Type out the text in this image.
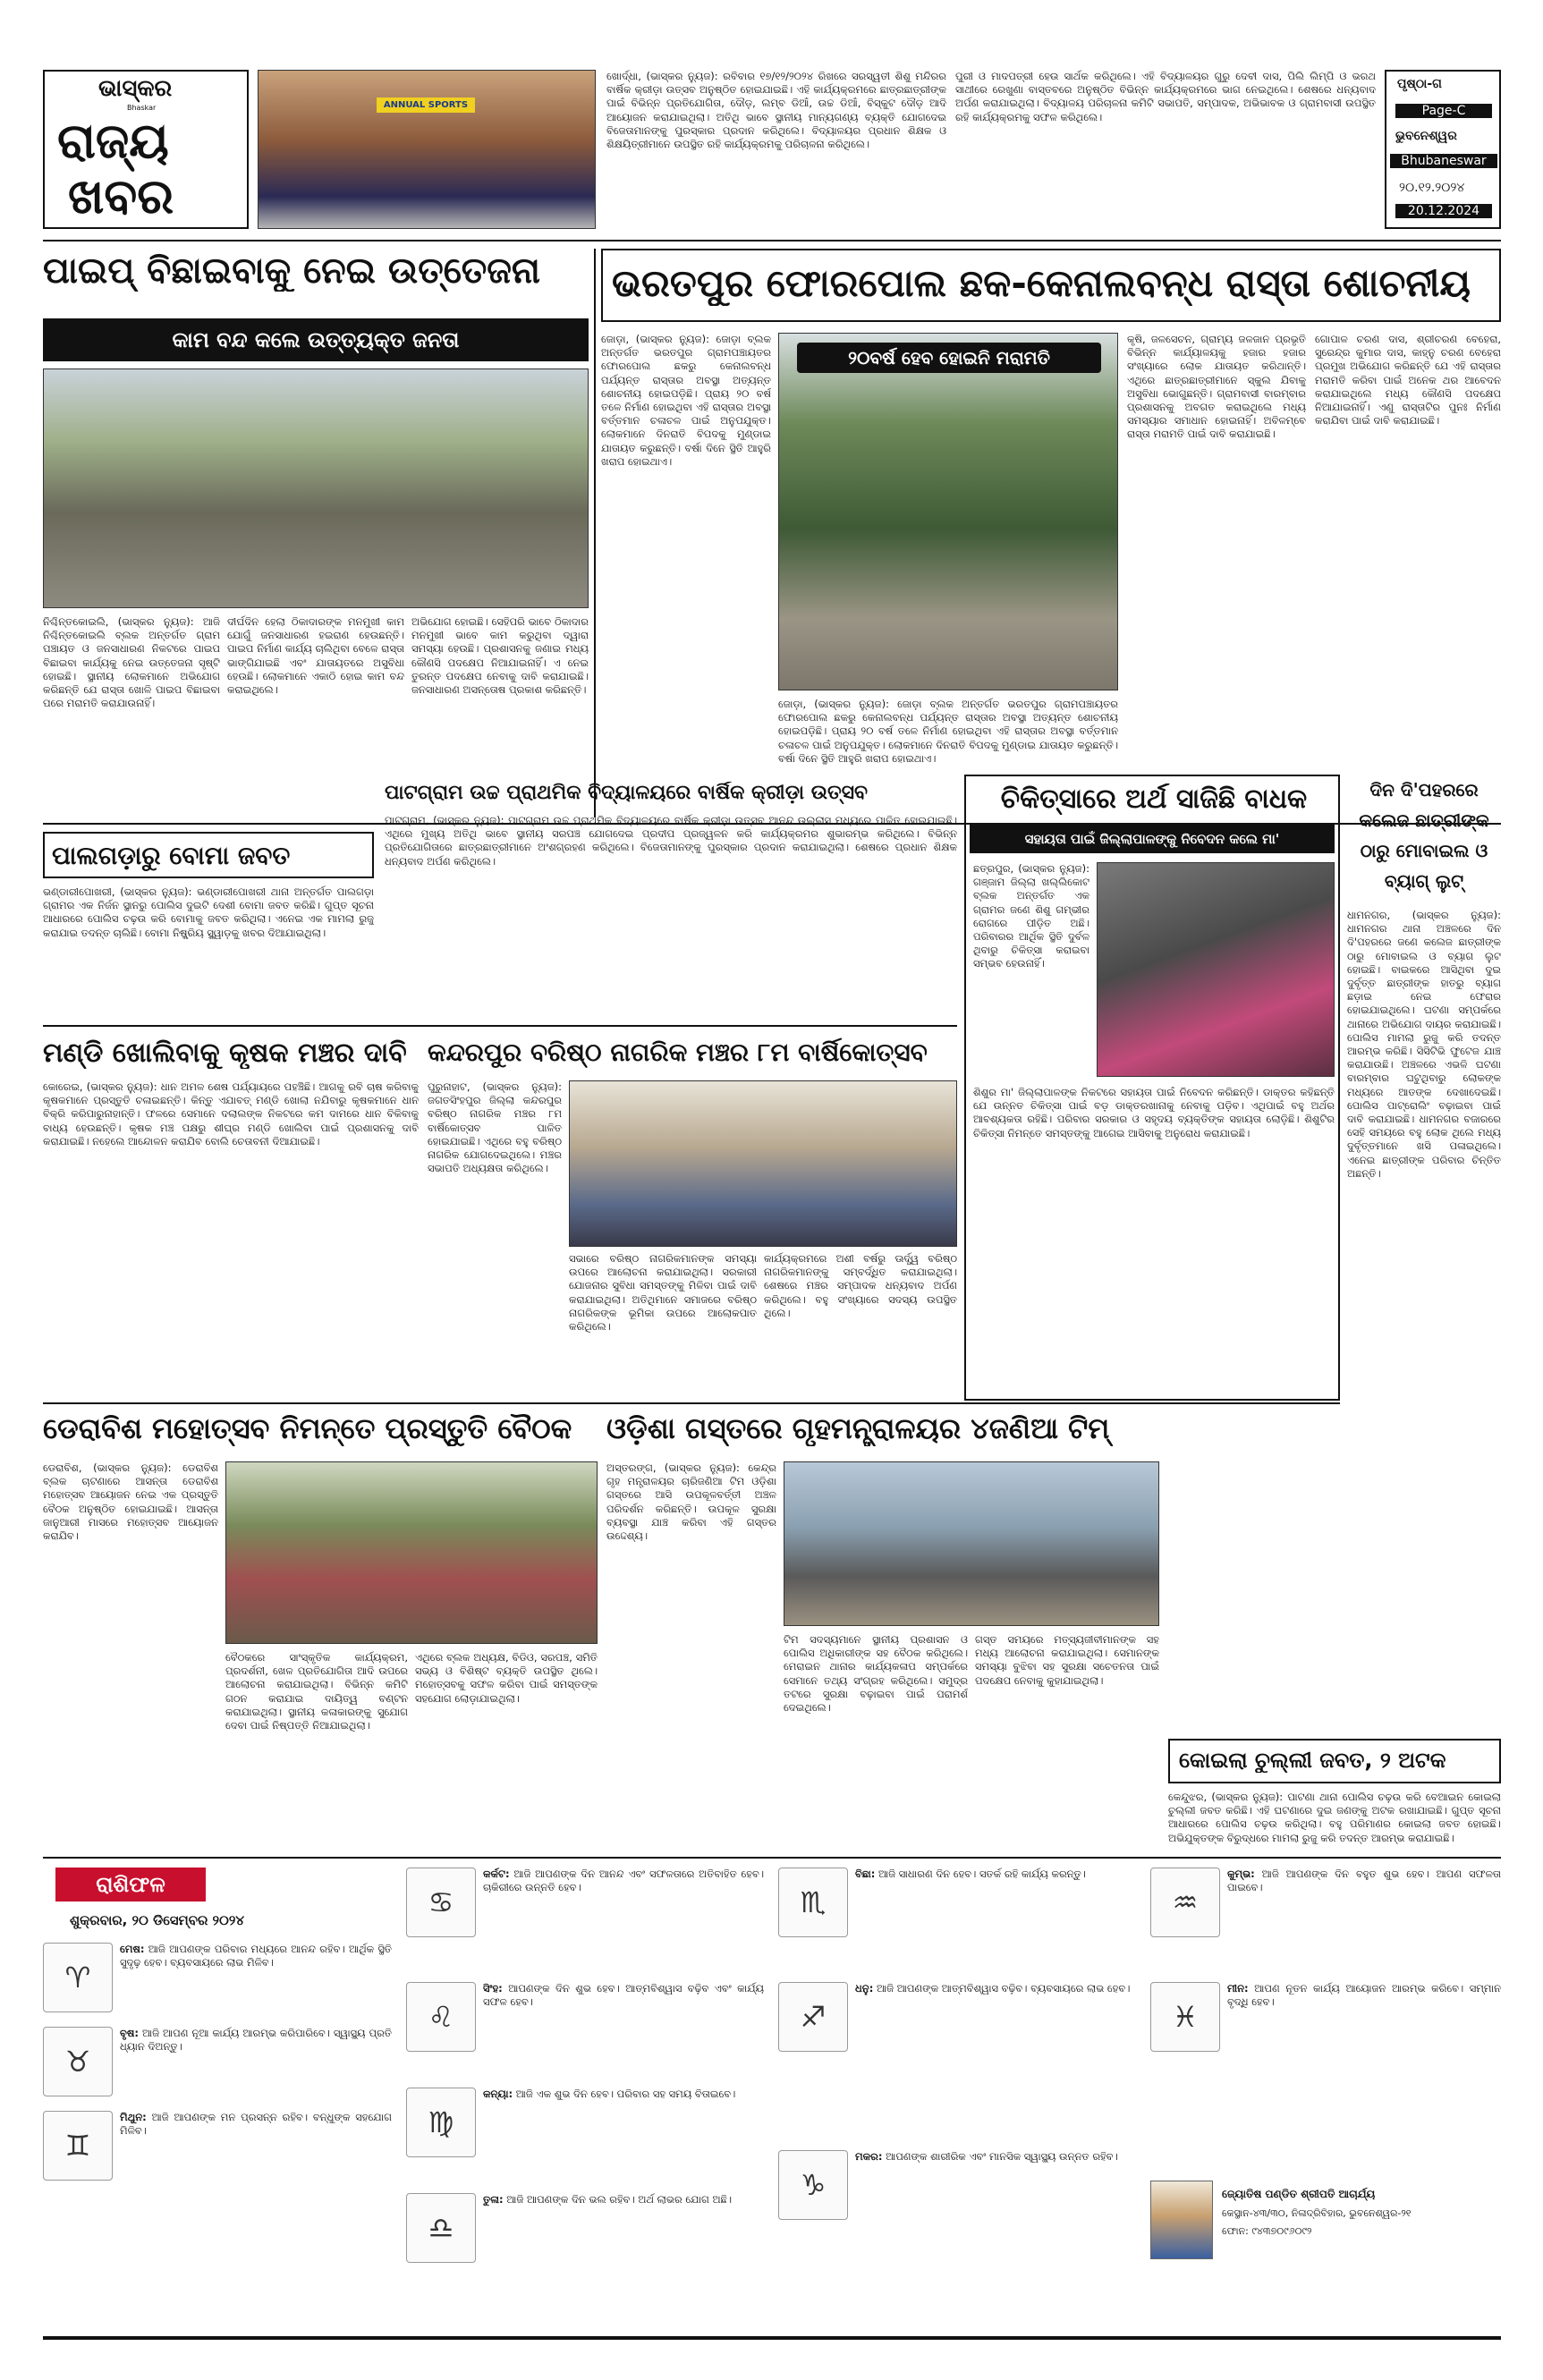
ଭାସ୍କର
Bhaskar
ରାଜ୍ୟ
ଖବର
ANNUAL SPORTS
ଖୋର୍ଦ୍ଧା, (ଭାସ୍କର ନ୍ୟୁଜ): ରବିବାର ୧୭/୧୨/୨୦୨୪ ରିଖରେ ସରସ୍ୱତୀ ଶିଶୁ ମନ୍ଦିରର ବାର୍ଷିକ କ୍ରୀଡ଼ା ଉତ୍ସବ ଅନୁଷ୍ଠିତ ହୋଇଯାଇଛି। ଏହି କାର୍ଯ୍ୟକ୍ରମରେ ଛାତ୍ରଛାତ୍ରୀଙ୍କ ପାଇଁ ବିଭିନ୍ନ ପ୍ରତିଯୋଗିତା, ଦୌଡ଼, ଲମ୍ବ ଡିଆଁ, ଉଚ୍ଚ ଡିଆଁ, ବିସ୍କୁଟ ଦୌଡ଼ ଆଦି ଆୟୋଜନ କରାଯାଇଥିଲା। ଅତିଥି ଭାବେ ସ୍ଥାନୀୟ ମାନ୍ୟଗଣ୍ୟ ବ୍ୟକ୍ତି ଯୋଗଦେଇ ବିଜେତାମାନଙ୍କୁ ପୁରସ୍କାର ପ୍ରଦାନ କରିଥିଲେ। ବିଦ୍ୟାଳୟର ପ୍ରଧାନ ଶିକ୍ଷକ ଓ ଶିକ୍ଷୟିତ୍ରୀମାନେ ଉପସ୍ଥିତ ରହି କାର୍ଯ୍ୟକ୍ରମକୁ ପରିଚାଳନା କରିଥିଲେ।
ପୁରୀ ଓ ମାଦପତ୍ରୀ ହେଉ ସାର୍ଥକ କରିଥିଲେ। ଏହି ବିଦ୍ୟାଳୟର ଗୁରୁ ଦେବୀ ଦାସ, ପିଲି ଲିମ୍ପି ଓ ଭରଥ ସାଥୀରେ ରେଖୁଣା ବାସ୍ତବରେ ଅନୁଷ୍ଠିତ ବିଭିନ୍ନ କାର୍ଯ୍ୟକ୍ରମରେ ଭାଗ ନେଇଥିଲେ। ଶେଷରେ ଧନ୍ୟବାଦ ଅର୍ପଣ କରାଯାଇଥିଲା। ବିଦ୍ୟାଳୟ ପରିଚାଳନା କମିଟି ସଭାପତି, ସମ୍ପାଦକ, ଅଭିଭାବକ ଓ ଗ୍ରାମବାସୀ ଉପସ୍ଥିତ ରହି କାର୍ଯ୍ୟକ୍ରମକୁ ସଫଳ କରିଥିଲେ।
ପୃଷ୍ଠା-ଗ
Page-C
ଭୁବନେଶ୍ୱର
Bhubaneswar
୨୦.୧୨.୨୦୨୪
20.12.2024
ପାଇପ୍ ବିଛାଇବାକୁ ନେଇ ଉତ୍ତେଜନା
କାମ ବନ୍ଦ କଲେ ଉତ୍ତ୍ୟକ୍ତ ଜନତା
ନିଶ୍ଚିନ୍ତକୋଇଲି, (ଭାସ୍କର ନ୍ୟୁଜ): ଆଜି ନିଶ୍ଚିନ୍ତକୋଇଲି ବ୍ଲକ ଅନ୍ତର୍ଗତ ଗ୍ରାମ ପଞ୍ଚାୟତ ଓ ଜନସାଧାରଣ ନିକଟରେ ପାଇପ ବିଛାଇବା କାର୍ଯ୍ୟକୁ ନେଇ ଉତ୍ତେଜନା ସୃଷ୍ଟି ହୋଇଛି। ସ୍ଥାନୀୟ ଲୋକମାନେ ଅଭିଯୋଗ କରିଛନ୍ତି ଯେ ରାସ୍ତା ଖୋଳି ପାଇପ ବିଛାଇବା ପରେ ମରାମତି କରାଯାଉନାହିଁ।
ଦୀର୍ଘଦିନ ହେଲା ଠିକାଦାରଙ୍କ ମନମୁଖୀ କାମ ଯୋଗୁଁ ଜନସାଧାରଣ ହଇରାଣ ହେଉଛନ୍ତି। ପାଇପ ନିର୍ମାଣ କାର୍ଯ୍ୟ ଚାଲିଥିବା ବେଳେ ରାସ୍ତା ଭାଙ୍ଗିଯାଇଛି ଏବଂ ଯାତାୟତରେ ଅସୁବିଧା ହେଉଛି। ଲୋକମାନେ ଏକାଠି ହୋଇ କାମ ବନ୍ଦ କରାଇଥିଲେ।
ଅଭିଯୋଗ ହୋଇଛି। ସେହିପରି ଭାବେ ଠିକାଦାର ମନମୁଖୀ ଭାବେ କାମ କରୁଥିବା ଦ୍ୱାରା ସମସ୍ୟା ହେଉଛି। ପ୍ରଶାସନକୁ ଜଣାଇ ମଧ୍ୟ କୌଣସି ପଦକ୍ଷେପ ନିଆଯାଇନାହିଁ। ଏ ନେଇ ତୁରନ୍ତ ପଦକ୍ଷେପ ନେବାକୁ ଦାବି କରାଯାଇଛି। ଜନସାଧାରଣ ଅସନ୍ତୋଷ ପ୍ରକାଶ କରିଛନ୍ତି।
ଭରତପୁର ଫୋରପୋଲ ଛକ-କେନାଲବନ୍ଧ ରାସ୍ତା ଶୋଚନୀୟ
ଜୋଡ଼ା, (ଭାସ୍କର ନ୍ୟୁଜ): ଜୋଡ଼ା ବ୍ଲକ ଅନ୍ତର୍ଗତ ଭରତପୁର ଗ୍ରାମପଞ୍ଚାୟତର ଫୋରପୋଲ ଛକରୁ କେନାଲବନ୍ଧ ପର୍ଯ୍ୟନ୍ତ ରାସ୍ତାର ଅବସ୍ଥା ଅତ୍ୟନ୍ତ ଶୋଚନୀୟ ହୋଇପଡ଼ିଛି। ପ୍ରାୟ ୨୦ ବର୍ଷ ତଳେ ନିର୍ମାଣ ହୋଇଥିବା ଏହି ରାସ୍ତାର ଅବସ୍ଥା ବର୍ତ୍ତମାନ ଚଳାଚଳ ପାଇଁ ଅନୁପଯୁକ୍ତ। ଲୋକମାନେ ଦିନରାତି ବିପଦକୁ ମୁଣ୍ଡାଇ ଯାତାୟତ କରୁଛନ୍ତି। ବର୍ଷା ଦିନେ ସ୍ଥିତି ଆହୁରି ଖରାପ ହୋଇଥାଏ।
୨୦ବର୍ଷ ହେବ ହୋଇନି ମରାମତି
କୃଷି, ଜଳସେଚନ, ଗ୍ରାମ୍ୟ ଜଳଜାନ ପ୍ରଭୃତି ବିଭିନ୍ନ କାର୍ଯ୍ୟାଳୟକୁ ହଜାର ହଜାର ସଂଖ୍ୟାରେ ଲୋକ ଯାତାୟତ କରିଥାନ୍ତି। ଏଥିରେ ଛାତ୍ରଛାତ୍ରୀମାନେ ସ୍କୁଲ ଯିବାକୁ ଅସୁବିଧା ଭୋଗୁଛନ୍ତି। ଗ୍ରାମବାସୀ ବାରମ୍ବାର ପ୍ରଶାସନକୁ ଅବଗତ କରାଇଥିଲେ ମଧ୍ୟ ସମସ୍ୟାର ସମାଧାନ ହୋଇନାହିଁ। ଅବିଳମ୍ବେ ରାସ୍ତା ମରାମତି ପାଇଁ ଦାବି କରାଯାଇଛି।
ଗୋପାଳ ଚରଣ ଦାସ, ଶ୍ରୀଚରଣ ବେହେରା, ସୁରେନ୍ଦ୍ର କୁମାର ଦାସ, କାହ୍ନୁ ଚରଣ ବେହେରା ପ୍ରମୁଖ ଅଭିଯୋଗ କରିଛନ୍ତି ଯେ ଏହି ରାସ୍ତାର ମରାମତି କରିବା ପାଇଁ ଅନେକ ଥର ଆବେଦନ କରାଯାଇଥିଲେ ମଧ୍ୟ କୌଣସି ପଦକ୍ଷେପ ନିଆଯାଇନାହିଁ। ଏଣୁ ରାସ୍ତାଟିର ପୁନଃ ନିର୍ମାଣ କରାଯିବା ପାଇଁ ଦାବି କରାଯାଇଛି।
ଜୋଡ଼ା, (ଭାସ୍କର ନ୍ୟୁଜ): ଜୋଡ଼ା ବ୍ଲକ ଅନ୍ତର୍ଗତ ଭରତପୁର ଗ୍ରାମପଞ୍ଚାୟତର ଫୋରପୋଲ ଛକରୁ କେନାଲବନ୍ଧ ପର୍ଯ୍ୟନ୍ତ ରାସ୍ତାର ଅବସ୍ଥା ଅତ୍ୟନ୍ତ ଶୋଚନୀୟ ହୋଇପଡ଼ିଛି। ପ୍ରାୟ ୨୦ ବର୍ଷ ତଳେ ନିର୍ମାଣ ହୋଇଥିବା ଏହି ରାସ୍ତାର ଅବସ୍ଥା ବର୍ତ୍ତମାନ ଚଳାଚଳ ପାଇଁ ଅନୁପଯୁକ୍ତ। ଲୋକମାନେ ଦିନରାତି ବିପଦକୁ ମୁଣ୍ଡାଇ ଯାତାୟତ କରୁଛନ୍ତି। ବର୍ଷା ଦିନେ ସ୍ଥିତି ଆହୁରି ଖରାପ ହୋଇଥାଏ।
ପାଲଗଡ଼ାରୁ ବୋମା ଜବତ
ଭଣ୍ଡାରୀପୋଖରୀ, (ଭାସ୍କର ନ୍ୟୁଜ): ଭଣ୍ଡାରୀପୋଖରୀ ଥାନା ଅନ୍ତର୍ଗତ ପାଲଗଡ଼ା ଗ୍ରାମର ଏକ ନିର୍ଜନ ସ୍ଥାନରୁ ପୋଲିସ ଦୁଇଟି ଦେଶୀ ବୋମା ଜବତ କରିଛି। ଗୁପ୍ତ ସୂଚନା ଆଧାରରେ ପୋଲିସ ଚଢ଼ଉ କରି ବୋମାକୁ ଜବତ କରିଥିଲା। ଏନେଇ ଏକ ମାମଲା ରୁଜୁ କରାଯାଇ ତଦନ୍ତ ଚାଲିଛି। ବୋମା ନିଷ୍କ୍ରିୟ ସ୍କ୍ୱାଡ଼କୁ ଖବର ଦିଆଯାଇଥିଲା।
ପାଟଗ୍ରାମ ଉଚ୍ଚ ପ୍ରାଥମିକ ବିଦ୍ୟାଳୟରେ ବାର୍ଷିକ କ୍ରୀଡ଼ା ଉତ୍ସବ
ପାଟଗ୍ରାମ, (ଭାସ୍କର ନ୍ୟୁଜ): ପାଟଗ୍ରାମ ଉଚ୍ଚ ପ୍ରାଥମିକ ବିଦ୍ୟାଳୟରେ ବାର୍ଷିକ କ୍ରୀଡ଼ା ଉତ୍ସବ ଆନନ୍ଦ ଉଲ୍ଲାସ ମଧ୍ୟରେ ପାଳିତ ହୋଇଯାଇଛି। ଏଥିରେ ମୁଖ୍ୟ ଅତିଥି ଭାବେ ସ୍ଥାନୀୟ ସରପଞ୍ଚ ଯୋଗଦେଇ ପ୍ରଦୀପ ପ୍ରଜ୍ୱଳନ କରି କାର୍ଯ୍ୟକ୍ରମର ଶୁଭାରମ୍ଭ କରିଥିଲେ। ବିଭିନ୍ନ ପ୍ରତିଯୋଗିତାରେ ଛାତ୍ରଛାତ୍ରୀମାନେ ଅଂଶଗ୍ରହଣ କରିଥିଲେ। ବିଜେତାମାନଙ୍କୁ ପୁରସ୍କାର ପ୍ରଦାନ କରାଯାଇଥିଲା। ଶେଷରେ ପ୍ରଧାନ ଶିକ୍ଷକ ଧନ୍ୟବାଦ ଅର୍ପଣ କରିଥିଲେ।
ଚିକିତ୍ସାରେ ଅର୍ଥ ସାଜିଛି ବାଧକ
ସହାୟତା ପାଇଁ ଜିଲ୍ଲାପାଳଙ୍କୁ ନିବେଦନ କଲେ ମା'
ଛତ୍ରପୁର, (ଭାସ୍କର ନ୍ୟୁଜ): ଗଞ୍ଜାମ ଜିଲ୍ଲା ଖଲ୍ଲିକୋଟ ବ୍ଲକ ଅନ୍ତର୍ଗତ ଏକ ଗ୍ରାମର ଜଣେ ଶିଶୁ ଗମ୍ଭୀର ରୋଗରେ ପୀଡ଼ିତ ଅଛି। ପରିବାରର ଆର୍ଥିକ ସ୍ଥିତି ଦୁର୍ବଳ ଥିବାରୁ ଚିକିତ୍ସା କରାଇବା ସମ୍ଭବ ହେଉନାହିଁ।
ଶିଶୁର ମା' ଜିଲ୍ଲାପାଳଙ୍କ ନିକଟରେ ସହାୟତା ପାଇଁ ନିବେଦନ କରିଛନ୍ତି। ଡାକ୍ତର କହିଛନ୍ତି ଯେ ଉନ୍ନତ ଚିକିତ୍ସା ପାଇଁ ବଡ଼ ଡାକ୍ତରଖାନାକୁ ନେବାକୁ ପଡ଼ିବ। ଏଥିପାଇଁ ବହୁ ଅର୍ଥର ଆବଶ୍ୟକତା ରହିଛି। ପରିବାର ସରକାର ଓ ସହୃଦୟ ବ୍ୟକ୍ତିଙ୍କ ସହାୟତା ଲୋଡ଼ିଛି। ଶିଶୁଟିର ଚିକିତ୍ସା ନିମନ୍ତେ ସମସ୍ତଙ୍କୁ ଆଗେଇ ଆସିବାକୁ ଅନୁରୋଧ କରାଯାଇଛି।
ଦିନ ଦି'ପହରରେ କଲେଜ ଛାତ୍ରୀଙ୍କ ଠାରୁ ମୋବାଇଲ ଓ ବ୍ୟାଗ୍ ଲୁଟ୍
ଧାମନଗର, (ଭାସ୍କର ନ୍ୟୁଜ): ଧାମନଗର ଥାନା ଅଞ୍ଚଳରେ ଦିନ ଦି'ପହରରେ ଜଣେ କଲେଜ ଛାତ୍ରୀଙ୍କ ଠାରୁ ମୋବାଇଲ ଓ ବ୍ୟାଗ ଲୁଟ ହୋଇଛି। ବାଇକରେ ଆସିଥିବା ଦୁଇ ଦୁର୍ବୃତ୍ତ ଛାତ୍ରୀଙ୍କ ହାତରୁ ବ୍ୟାଗ ଛଡ଼ାଇ ନେଇ ଫେରାର ହୋଇଯାଇଥିଲେ। ଘଟଣା ସମ୍ପର୍କରେ ଥାନାରେ ଅଭିଯୋଗ ଦାୟର କରାଯାଇଛି। ପୋଲିସ ମାମଲା ରୁଜୁ କରି ତଦନ୍ତ ଆରମ୍ଭ କରିଛି। ସିସିଟିଭି ଫୁଟେଜ ଯାଞ୍ଚ କରାଯାଉଛି। ଅଞ୍ଚଳରେ ଏଭଳି ଘଟଣା ବାରମ୍ବାର ଘଟୁଥିବାରୁ ଲୋକଙ୍କ ମଧ୍ୟରେ ଆତଙ୍କ ଦେଖାଦେଇଛି। ପୋଲିସ ପାଟ୍ରୋଲିଂ ବଢ଼ାଇବା ପାଇଁ ଦାବି କରାଯାଇଛି। ଧାମନଗର ବଜାରରେ ସେହି ସମୟରେ ବହୁ ଲୋକ ଥିଲେ ମଧ୍ୟ ଦୁର୍ବୃତ୍ତମାନେ ଖସି ପଳାଇଥିଲେ। ଏନେଇ ଛାତ୍ରୀଙ୍କ ପରିବାର ଚିନ୍ତିତ ଅଛନ୍ତି।
ମଣ୍ଡି ଖୋଲିବାକୁ କୃଷକ ମଞ୍ଚର ଦାବି
କୋରେଇ, (ଭାସ୍କର ନ୍ୟୁଜ): ଧାନ ଅମଳ ଶେଷ ପର୍ଯ୍ୟାୟରେ ପହଞ୍ଚିଛି। ଆଗକୁ ରବି ଚାଷ କରିବାକୁ କୃଷକମାନେ ପ୍ରସ୍ତୁତି ଚଳାଇଛନ୍ତି। କିନ୍ତୁ ଏଯାବତ୍ ମଣ୍ଡି ଖୋଲା ନଯିବାରୁ କୃଷକମାନେ ଧାନ ବିକ୍ରି କରିପାରୁନାହାନ୍ତି। ଫଳରେ ସେମାନେ ଦଲାଲଙ୍କ ନିକଟରେ କମ ଦାମରେ ଧାନ ବିକିବାକୁ ବାଧ୍ୟ ହେଉଛନ୍ତି। କୃଷକ ମଞ୍ଚ ପକ୍ଷରୁ ଶୀଘ୍ର ମଣ୍ଡି ଖୋଲିବା ପାଇଁ ପ୍ରଶାସନକୁ ଦାବି କରାଯାଇଛି। ନହେଲେ ଆନ୍ଦୋଳନ କରାଯିବ ବୋଲି ଚେତାବନୀ ଦିଆଯାଇଛି।
କନ୍ଦରପୁର ବରିଷ୍ଠ ନାଗରିକ ମଞ୍ଚର ୮ମ ବାର୍ଷିକୋତ୍ସବ
ପୁରୁନାହାଟ, (ଭାସ୍କର ନ୍ୟୁଜ): ଜଗତସିଂହପୁର ଜିଲ୍ଲା କନ୍ଦରପୁର ବରିଷ୍ଠ ନାଗରିକ ମଞ୍ଚର ୮ମ ବାର୍ଷିକୋତ୍ସବ ପାଳିତ ହୋଇଯାଇଛି। ଏଥିରେ ବହୁ ବରିଷ୍ଠ ନାଗରିକ ଯୋଗଦେଇଥିଲେ। ମଞ୍ଚର ସଭାପତି ଅଧ୍ୟକ୍ଷତା କରିଥିଲେ।
ସଭାରେ ବରିଷ୍ଠ ନାଗରିକମାନଙ୍କ ସମସ୍ୟା ଉପରେ ଆଲୋଚନା କରାଯାଇଥିଲା। ସରକାରୀ ଯୋଜନାର ସୁବିଧା ସମସ୍ତଙ୍କୁ ମିଳିବା ପାଇଁ ଦାବି କରାଯାଇଥିଲା। ଅତିଥିମାନେ ସମାଜରେ ବରିଷ୍ଠ ନାଗରିକଙ୍କ ଭୂମିକା ଉପରେ ଆଲୋକପାତ କରିଥିଲେ।
କାର୍ଯ୍ୟକ୍ରମରେ ଅଶୀ ବର୍ଷରୁ ଊର୍ଦ୍ଧ୍ୱ ବରିଷ୍ଠ ନାଗରିକମାନଙ୍କୁ ସମ୍ବର୍ଦ୍ଧିତ କରାଯାଇଥିଲା। ଶେଷରେ ମଞ୍ଚର ସମ୍ପାଦକ ଧନ୍ୟବାଦ ଅର୍ପଣ କରିଥିଲେ। ବହୁ ସଂଖ୍ୟାରେ ସଦସ୍ୟ ଉପସ୍ଥିତ ଥିଲେ।
ଡେରାବିଶ ମହୋତ୍ସବ ନିମନ୍ତେ ପ୍ରସ୍ତୁତି ବୈଠକ
ଡେରାବିଶ, (ଭାସ୍କର ନ୍ୟୁଜ): ଡେରାବିଶ ବ୍ଲକ ଚାଟଣାରେ ଆସନ୍ତା ଡେରାବିଶ ମହୋତ୍ସବ ଆୟୋଜନ ନେଇ ଏକ ପ୍ରସ୍ତୁତି ବୈଠକ ଅନୁଷ୍ଠିତ ହୋଇଯାଇଛି। ଆସନ୍ତା ଜାନୁଆରୀ ମାସରେ ମହୋତ୍ସବ ଆୟୋଜନ କରାଯିବ।
ବୈଠକରେ ସାଂସ୍କୃତିକ କାର୍ଯ୍ୟକ୍ରମ, ପ୍ରଦର୍ଶନୀ, ଖେଳ ପ୍ରତିଯୋଗିତା ଆଦି ଉପରେ ଆଲୋଚନା କରାଯାଇଥିଲା। ବିଭିନ୍ନ କମିଟି ଗଠନ କରାଯାଇ ଦାୟିତ୍ୱ ବଣ୍ଟନ କରାଯାଇଥିଲା। ସ୍ଥାନୀୟ କଳାକାରଙ୍କୁ ସୁଯୋଗ ଦେବା ପାଇଁ ନିଷ୍ପତ୍ତି ନିଆଯାଇଥିଲା।
ଏଥିରେ ବ୍ଲକ ଅଧ୍ୟକ୍ଷ, ବିଡିଓ, ସରପଞ୍ଚ, ସମିତି ସଭ୍ୟ ଓ ବିଶିଷ୍ଟ ବ୍ୟକ୍ତି ଉପସ୍ଥିତ ଥିଲେ। ମହୋତ୍ସବକୁ ସଫଳ କରିବା ପାଇଁ ସମସ୍ତଙ୍କ ସହଯୋଗ ଲୋଡ଼ାଯାଇଥିଲା।
ଓଡ଼ିଶା ଗସ୍ତରେ ଗୃହମନ୍ତ୍ରାଳୟର ୪ଜଣିଆ ଟିମ୍
ଅସ୍ତରଙ୍ଗ, (ଭାସ୍କର ନ୍ୟୁଜ): କେନ୍ଦ୍ର ଗୃହ ମନ୍ତ୍ରାଳୟର ଚାରିଜଣିଆ ଟିମ ଓଡ଼ିଶା ଗସ୍ତରେ ଆସି ଉପକୂଳବର୍ତ୍ତୀ ଅଞ୍ଚଳ ପରିଦର୍ଶନ କରିଛନ୍ତି। ଉପକୂଳ ସୁରକ୍ଷା ବ୍ୟବସ୍ଥା ଯାଞ୍ଚ କରିବା ଏହି ଗସ୍ତର ଉଦ୍ଦେଶ୍ୟ।
ଟିମ ସଦସ୍ୟମାନେ ସ୍ଥାନୀୟ ପ୍ରଶାସନ ଓ ପୋଲିସ ଅଧିକାରୀଙ୍କ ସହ ବୈଠକ କରିଥିଲେ। ମେରାଇନ ଥାନାର କାର୍ଯ୍ୟକଳାପ ସମ୍ପର୍କରେ ସେମାନେ ତଥ୍ୟ ସଂଗ୍ରହ କରିଥିଲେ। ସମୁଦ୍ର ତଟରେ ସୁରକ୍ଷା ବଢ଼ାଇବା ପାଇଁ ପରାମର୍ଶ ଦେଇଥିଲେ।
ଗସ୍ତ ସମୟରେ ମତ୍ସ୍ୟଜୀବୀମାନଙ୍କ ସହ ମଧ୍ୟ ଆଲୋଚନା କରାଯାଇଥିଲା। ସେମାନଙ୍କ ସମସ୍ୟା ବୁଝିବା ସହ ସୁରକ୍ଷା ସଚେତନତା ପାଇଁ ପଦକ୍ଷେପ ନେବାକୁ କୁହାଯାଇଥିଲା।
କୋଇଲା ଚୁଲ୍ଲୀ ଜବତ, ୨ ଅଟକ
କେନ୍ଦୁଝର, (ଭାସ୍କର ନ୍ୟୁଜ): ପାଟଣା ଥାନା ପୋଲିସ ଚଢ଼ଉ କରି ବେଆଇନ କୋଇଲା ଚୁଲ୍ଲୀ ଜବତ କରିଛି। ଏହି ଘଟଣାରେ ଦୁଇ ଜଣଙ୍କୁ ଅଟକ ରଖାଯାଇଛି। ଗୁପ୍ତ ସୂଚନା ଆଧାରରେ ପୋଲିସ ଚଢ଼ଉ କରିଥିଲା। ବହୁ ପରିମାଣର କୋଇଲା ଜବତ ହୋଇଛି। ଅଭିଯୁକ୍ତଙ୍କ ବିରୁଦ୍ଧରେ ମାମଲା ରୁଜୁ କରି ତଦନ୍ତ ଆରମ୍ଭ କରାଯାଇଛି।
ରାଶିଫଳ
ଶୁକ୍ରବାର, ୨୦ ଡିସେମ୍ବର ୨୦୨୪
♈
ମେଷ: ଆଜି ଆପଣଙ୍କ ପରିବାର ମଧ୍ୟରେ ଆନନ୍ଦ ରହିବ। ଆର୍ଥିକ ସ୍ଥିତି ସୁଦୃଢ଼ ହେବ। ବ୍ୟବସାୟରେ ଲାଭ ମିଳିବ।
♉
ବୃଷ: ଆଜି ଆପଣ ନୂଆ କାର୍ଯ୍ୟ ଆରମ୍ଭ କରିପାରିବେ। ସ୍ୱାସ୍ଥ୍ୟ ପ୍ରତି ଧ୍ୟାନ ଦିଅନ୍ତୁ।
♊
ମିଥୁନ: ଆଜି ଆପଣଙ୍କ ମନ ପ୍ରସନ୍ନ ରହିବ। ବନ୍ଧୁଙ୍କ ସହଯୋଗ ମିଳିବ।
♋
କର୍କଟ: ଆଜି ଆପଣଙ୍କ ଦିନ ଆନନ୍ଦ ଏବଂ ସଫଳତାରେ ଅତିବାହିତ ହେବ। ଚାକିରୀରେ ଉନ୍ନତି ହେବ।
♌
ସିଂହ: ଆପଣଙ୍କ ଦିନ ଶୁଭ ହେବ। ଆତ୍ମବିଶ୍ୱାସ ବଢ଼ିବ ଏବଂ କାର୍ଯ୍ୟ ସଫଳ ହେବ।
♍
କନ୍ୟା: ଆଜି ଏକ ଶୁଭ ଦିନ ହେବ। ପରିବାର ସହ ସମୟ ବିତାଇବେ।
♎
ତୁଳା: ଆଜି ଆପଣଙ୍କ ଦିନ ଭଲ ରହିବ। ଅର୍ଥ ଲାଭର ଯୋଗ ଅଛି।
♏
ବିଛା: ଆଜି ସାଧାରଣ ଦିନ ହେବ। ସତର୍କ ରହି କାର୍ଯ୍ୟ କରନ୍ତୁ।
♐
ଧନୁ: ଆଜି ଆପଣଙ୍କ ଆତ୍ମବିଶ୍ୱାସ ବଢ଼ିବ। ବ୍ୟବସାୟରେ ଲାଭ ହେବ।
♑
ମକର: ଆପଣଙ୍କ ଶାରୀରିକ ଏବଂ ମାନସିକ ସ୍ୱାସ୍ଥ୍ୟ ଉନ୍ନତ ରହିବ।
♒
କୁମ୍ଭ: ଆଜି ଆପଣଙ୍କ ଦିନ ବହୁତ ଶୁଭ ହେବ। ଆପଣ ସଫଳତା ପାଇବେ।
♓
ମୀନ: ଆପଣ ନୂତନ କାର୍ଯ୍ୟ ଆୟୋଜନ ଆରମ୍ଭ କରିବେ। ସମ୍ମାନ ବୃଦ୍ଧି ହେବ।
ଜ୍ୟୋତିଷ ପଣ୍ଡିତ ଶ୍ରୀପତି ଆଚାର୍ଯ୍ୟ
କେସ୍ଥାନ-୪୩/୩୦, ନିଳାଦ୍ରିବିହାର, ଭୁବନେଶ୍ୱର-୨୧
ଫୋନ: ୯୪୩୭୦୯୬୦୯୨
